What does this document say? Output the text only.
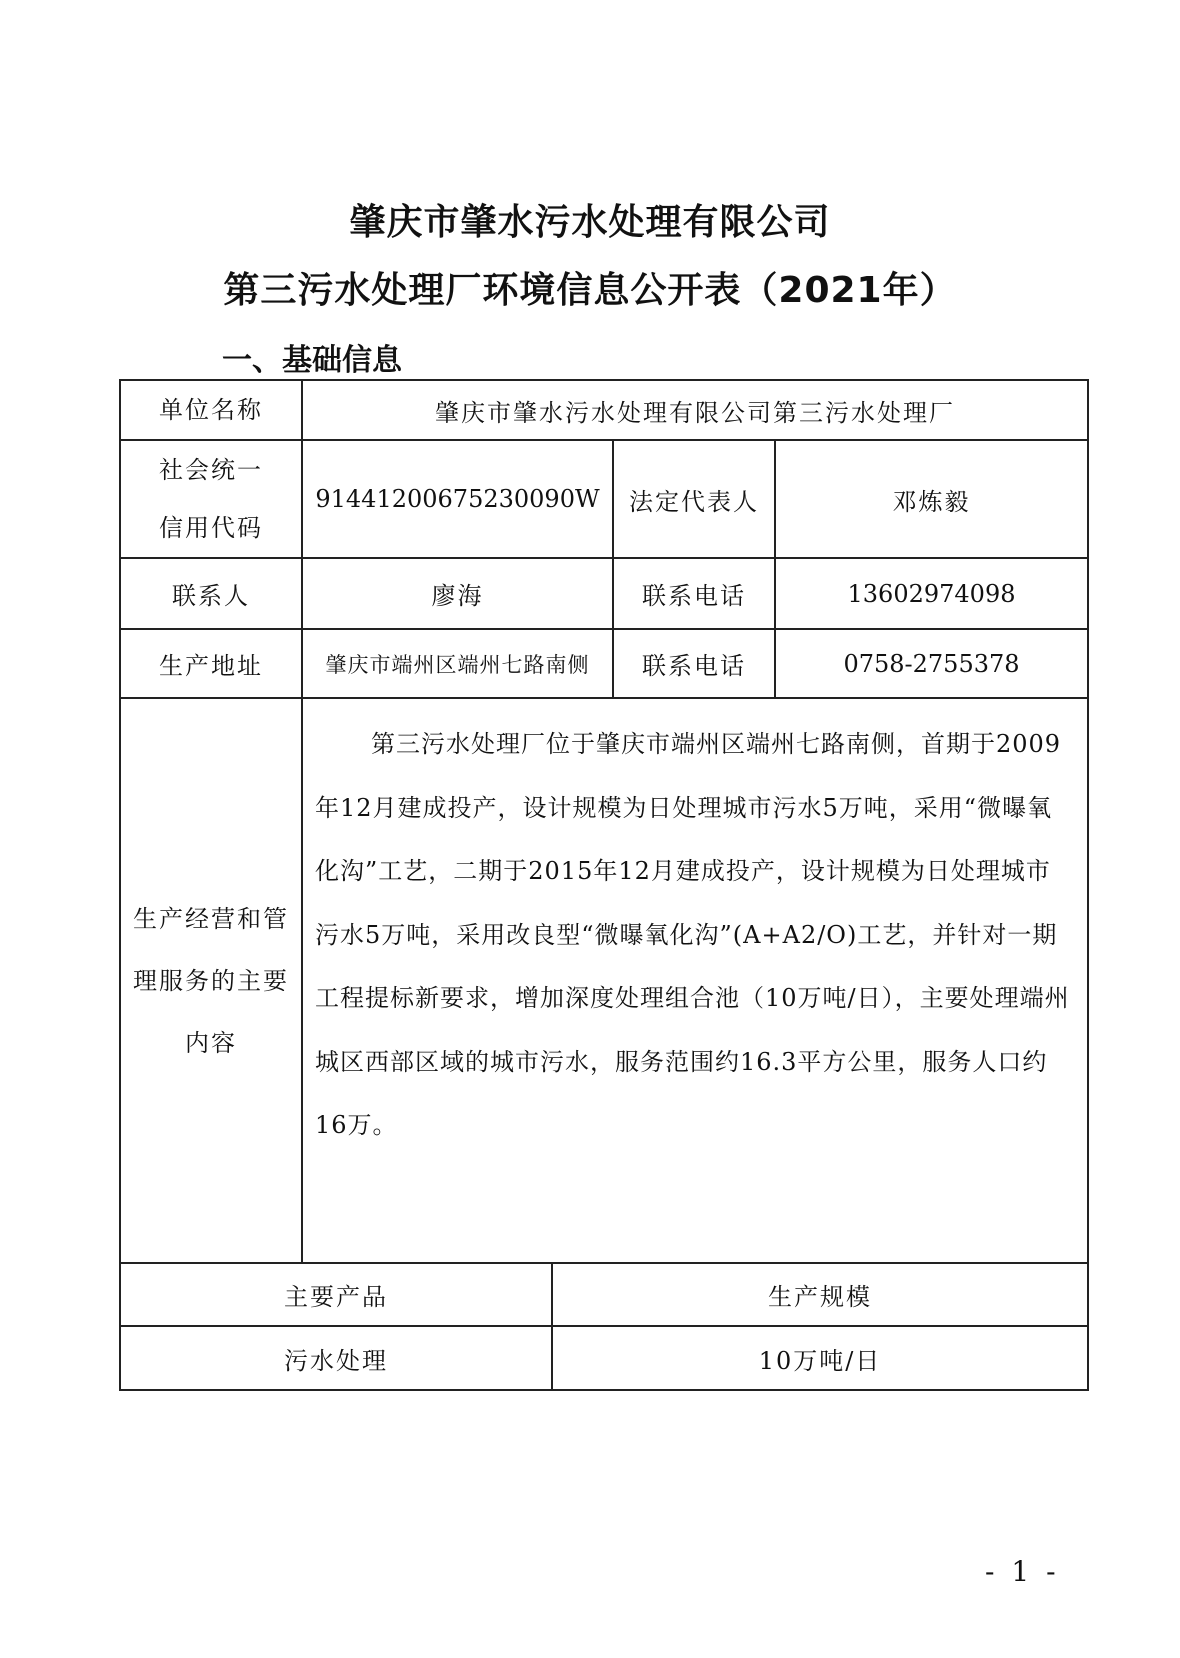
肇庆市肇水污水处理有限公司
第三污水处理厂环境信息公开表（2021年）
一、基础信息
单位名称	肇庆市肇水污水处理有限公司第三污水处理厂			
社会统一
信用代码	91441200675230090W		法定代表人	邓炼毅
联系人	廖海		联系电话	13602974098
生产地址	肇庆市端州区端州七路南侧		联系电话	0758-2755378
生产经营和管
理服务的主要
内容	第三污水处理厂位于肇庆市端州区端州七路南侧，首期于2009年12月建成投产，设计规模为日处理城市污水5万吨，采用“微曝氧化沟”工艺，二期于2015年12月建成投产，设计规模为日处理城市污水5万吨，采用改良型“微曝氧化沟”(A+A2/O)工艺，并针对一期工程提标新要求，增加深度处理组合池（10万吨/日），主要处理端州城区西部区域的城市污水，服务范围约16.3平方公里，服务人口约16万。			
主要产品		生产规模		
污水处理		10万吨/日		
- 1 -
